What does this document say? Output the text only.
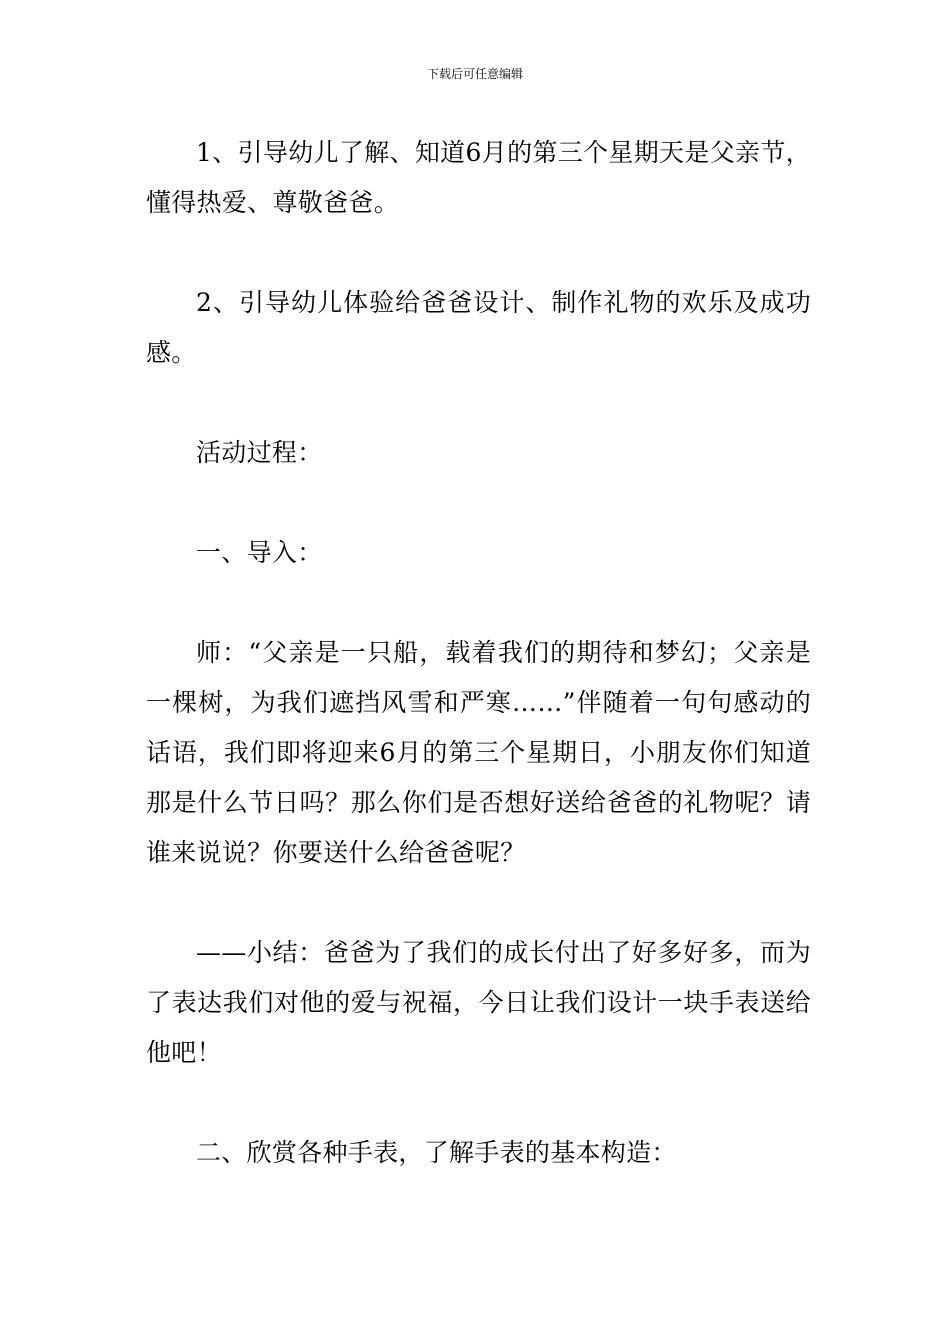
下载后可任意编辑

1、引导幼儿了解、知道6月的第三个星期天是父亲节，懂得热爱、尊敬爸爸。

2、引导幼儿体验给爸爸设计、制作礼物的欢乐及成功感。

活动过程：

一、导入：

师：“父亲是一只船，载着我们的期待和梦幻；父亲是一棵树，为我们遮挡风雪和严寒……”伴随着一句句感动的话语，我们即将迎来6月的第三个星期日，小朋友你们知道那是什么节日吗？那么你们是否想好送给爸爸的礼物呢？请谁来说说？你要送什么给爸爸呢？

——小结：爸爸为了我们的成长付出了好多好多，而为了表达我们对他的爱与祝福，今日让我们设计一块手表送给他吧！

二、欣赏各种手表，了解手表的基本构造：
